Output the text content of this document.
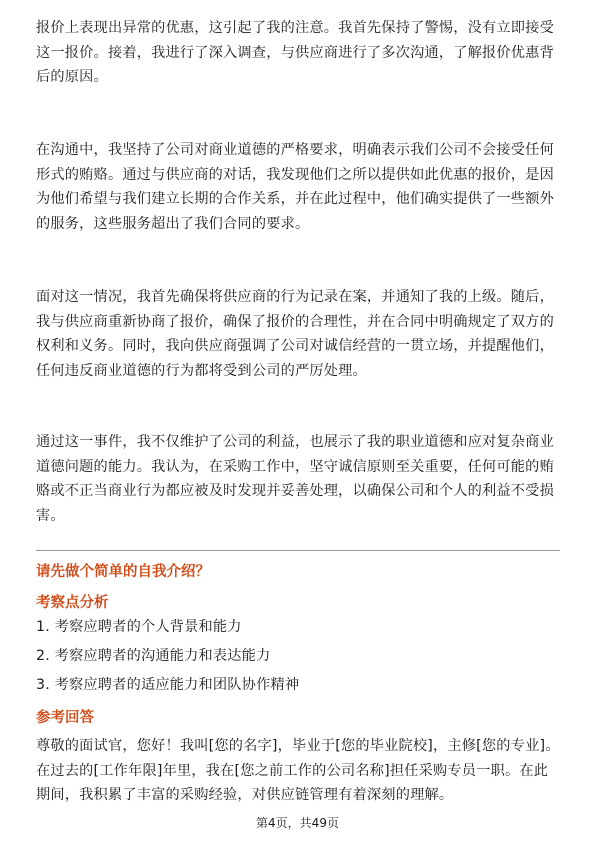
报价上表现出异常的优惠，这引起了我的注意。我首先保持了警惕，没有立即接受这一报价。接着，我进行了深入调查，与供应商进行了多次沟通，了解报价优惠背后的原因。

在沟通中，我坚持了公司对商业道德的严格要求，明确表示我们公司不会接受任何形式的贿赂。通过与供应商的对话，我发现他们之所以提供如此优惠的报价，是因为他们希望与我们建立长期的合作关系，并在此过程中，他们确实提供了一些额外的服务，这些服务超出了我们合同的要求。

面对这一情况，我首先确保将供应商的行为记录在案，并通知了我的上级。随后，我与供应商重新协商了报价，确保了报价的合理性，并在合同中明确规定了双方的权利和义务。同时，我向供应商强调了公司对诚信经营的一贯立场，并提醒他们，任何违反商业道德的行为都将受到公司的严厉处理。

通过这一事件，我不仅维护了公司的利益，也展示了我的职业道德和应对复杂商业道德问题的能力。我认为，在采购工作中，坚守诚信原则至关重要，任何可能的贿赂或不正当商业行为都应被及时发现并妥善处理，以确保公司和个人的利益不受损害。

请先做个简单的自我介绍？

考察点分析

1. 考察应聘者的个人背景和能力

2. 考察应聘者的沟通能力和表达能力

3. 考察应聘者的适应能力和团队协作精神

参考回答

尊敬的面试官，您好！我叫[您的名字]，毕业于[您的毕业院校]，主修[您的专业]。在过去的[工作年限]年里，我在[您之前工作的公司名称]担任采购专员一职。在此期间，我积累了丰富的采购经验，对供应链管理有着深刻的理解。

第4页，共49页
